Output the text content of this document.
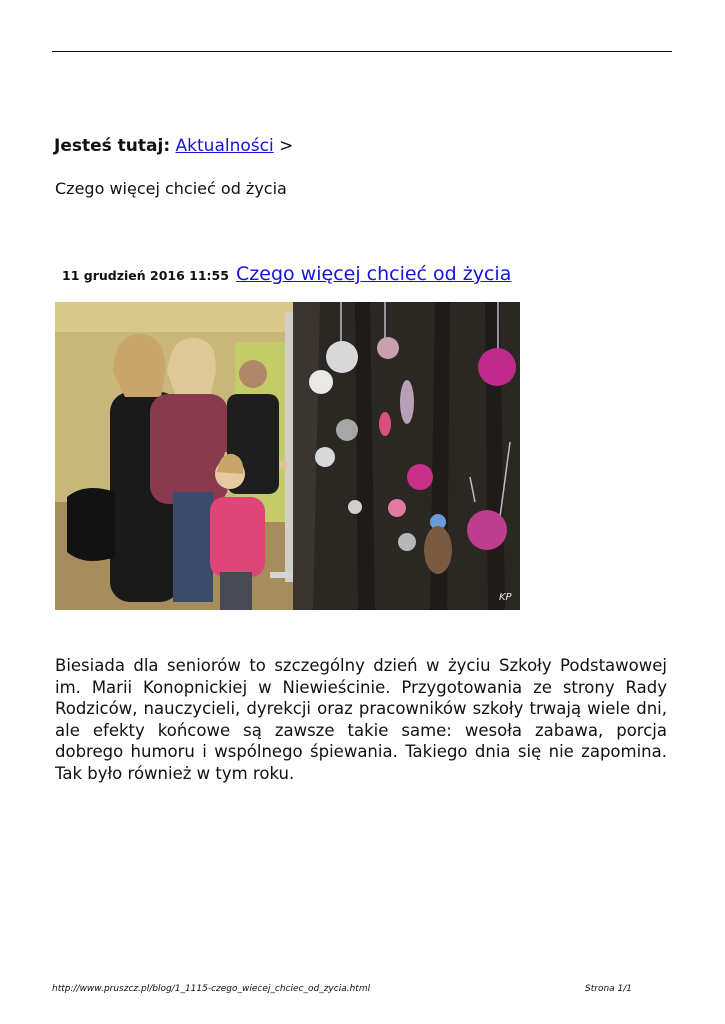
Jesteś tutaj: Aktualności >
Czego więcej chcieć od życia
11 grudzień 2016 11:55 Czego więcej chcieć od życia
KP
Biesiada dla seniorów to szczególny dzień w życiu Szkoły Podstawowej im. Marii Konopnickiej w Niewieścinie. Przygotowania ze strony Rady Rodziców, nauczycieli, dyrekcji oraz pracowników szkoły trwają wiele dni, ale efekty końcowe są zawsze takie same: wesoła zabawa, porcja dobrego humoru i wspólnego śpiewania. Takiego dnia się nie zapomina. Tak było również w tym roku.
http://www.pruszcz.pl/blog/1_1115-czego_wiecej_chciec_od_zycia.html	Strona 1/1
